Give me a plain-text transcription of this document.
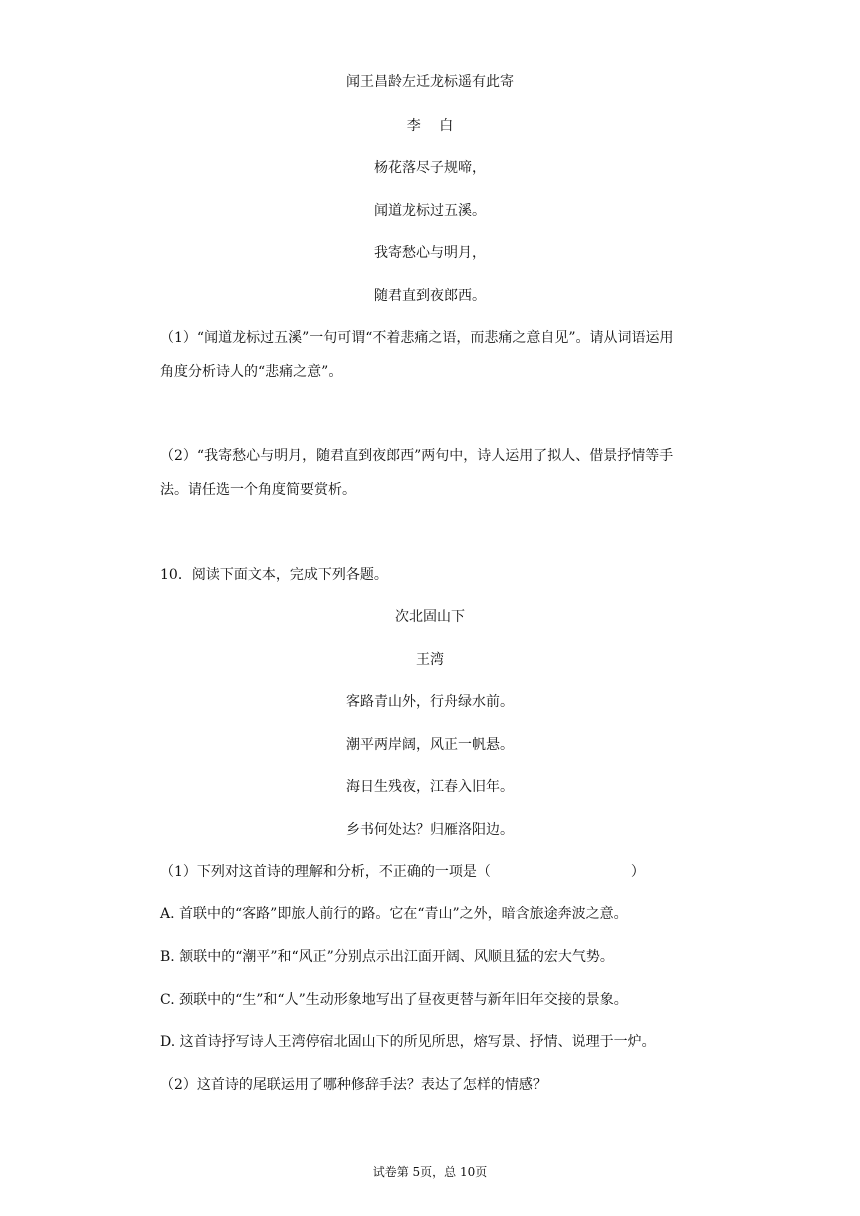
闻王昌龄左迁龙标遥有此寄
李　 白
杨花落尽子规啼，
闻道龙标过五溪。
我寄愁心与明月，
随君直到夜郎西。
（1）“闻道龙标过五溪”一句可谓“不着悲痛之语，而悲痛之意自见”。请从词语运用
角度分析诗人的“悲痛之意”。
（2）“我寄愁心与明月，随君直到夜郎西”两句中，诗人运用了拟人、借景抒情等手
法。请任选一个角度简要赏析。
10．阅读下面文本，完成下列各题。
次北固山下
王湾
客路青山外，行舟绿水前。
潮平两岸阔，风正一帆悬。
海日生残夜，江春入旧年。
乡书何处达？归雁洛阳边。
（1）下列对这首诗的理解和分析，不正确的一项是（　　　　　　　　　　）
A. 首联中的“客路”即旅人前行的路。它在“青山”之外，暗含旅途奔波之意。
B. 颔联中的“潮平”和“风正”分别点示出江面开阔、风顺且猛的宏大气势。
C. 颈联中的“生”和“人”生动形象地写出了昼夜更替与新年旧年交接的景象。
D. 这首诗抒写诗人王湾停宿北固山下的所见所思，熔写景、抒情、说理于一炉。
（2）这首诗的尾联运用了哪种修辞手法？表达了怎样的情感？
试卷第 5页，总 10页
